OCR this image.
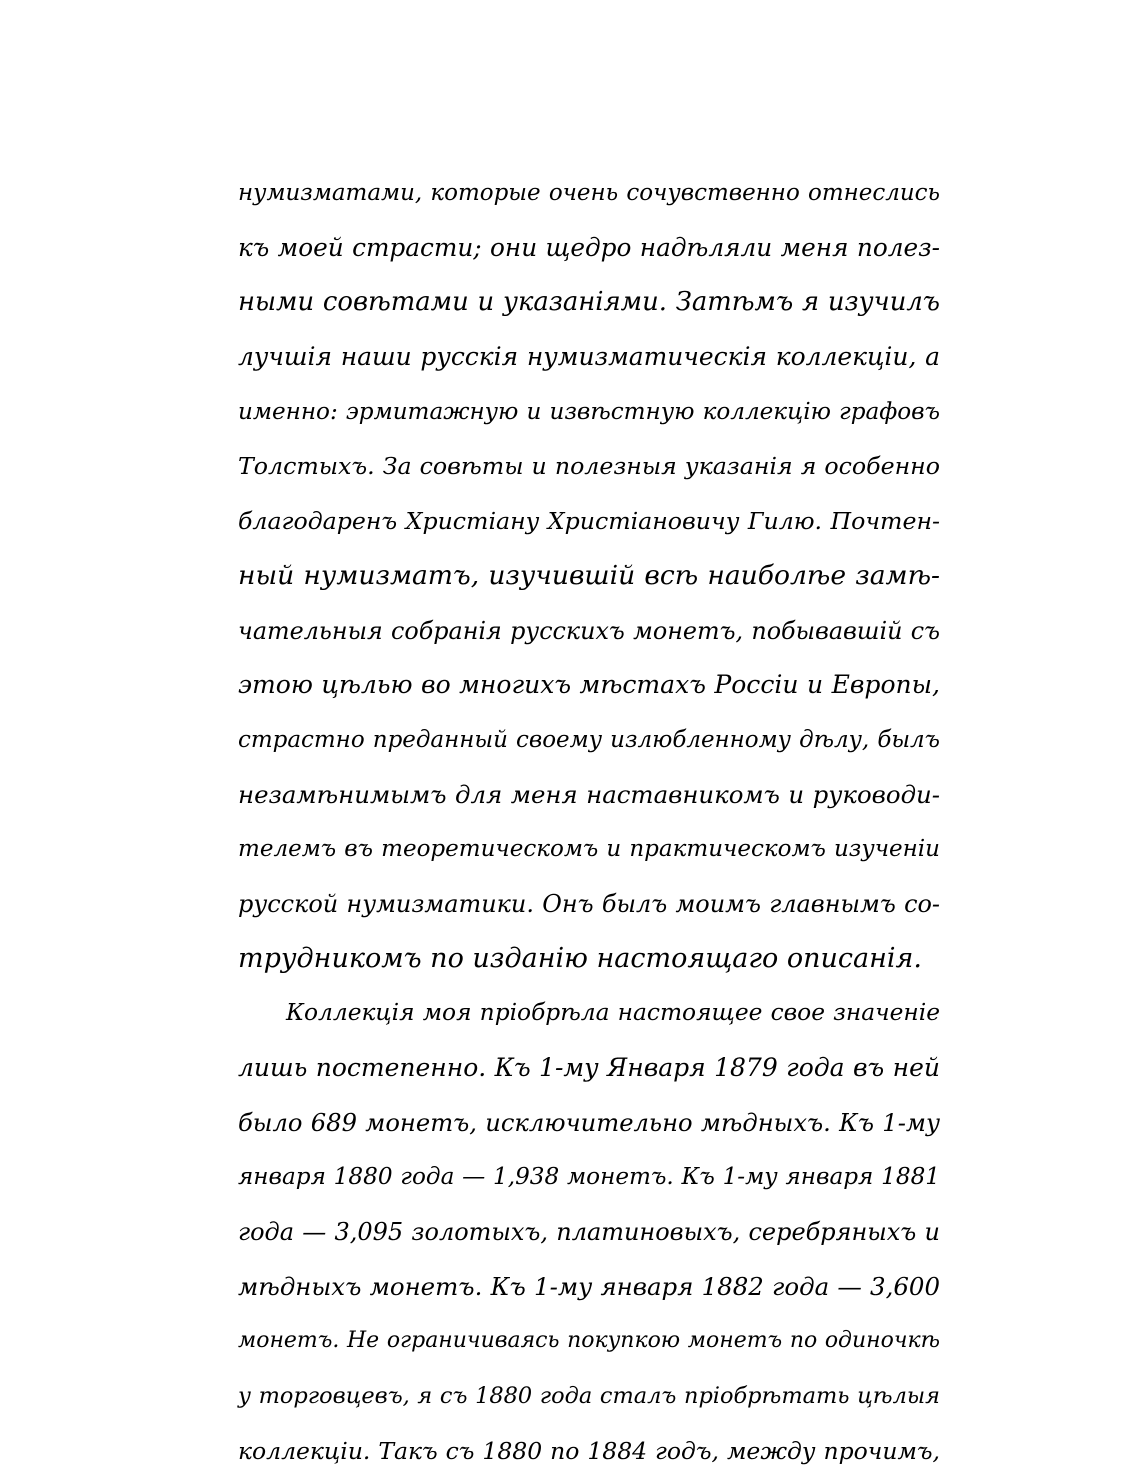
нумизматами, которые очень сочувственно отнеслись
къ моей страсти; они щедро надѣляли меня полез-
ными совѣтами и указаніями. Затѣмъ я изучилъ
лучшія наши русскія нумизматическія коллекціи, а
именно: эрмитажную и извѣстную коллекцію графовъ
Толстыхъ. За совѣты и полезныя указанія я особенно
благодаренъ Христіану Христіановичу Гилю. Почтен-
ный нумизматъ, изучившій всѣ наиболѣе замѣ-
чательныя собранія русскихъ монетъ, побывавшій съ
этою цѣлью во многихъ мѣстахъ Россіи и Европы,
страстно преданный своему излюбленному дѣлу, былъ
незамѣнимымъ для меня наставникомъ и руководи-
телемъ въ теоретическомъ и практическомъ изученіи
русской нумизматики. Онъ былъ моимъ главнымъ со-
трудникомъ по изданію настоящаго описанія.
Коллекція моя пріобрѣла настоящее свое значеніе
лишь постепенно. Къ 1-му Января 1879 года въ ней
было 689 монетъ, исключительно мѣдныхъ. Къ 1-му
января 1880 года — 1,938 монетъ. Къ 1-му января 1881
года — 3,095 золотыхъ, платиновыхъ, серебряныхъ и
мѣдныхъ монетъ. Къ 1-му января 1882 года — 3,600
монетъ. Не ограничиваясь покупкою монетъ по одиночкѣ
у торговцевъ, я съ 1880 года сталъ пріобрѣтать цѣлыя
коллекціи. Такъ съ 1880 по 1884 годъ, между прочимъ,
